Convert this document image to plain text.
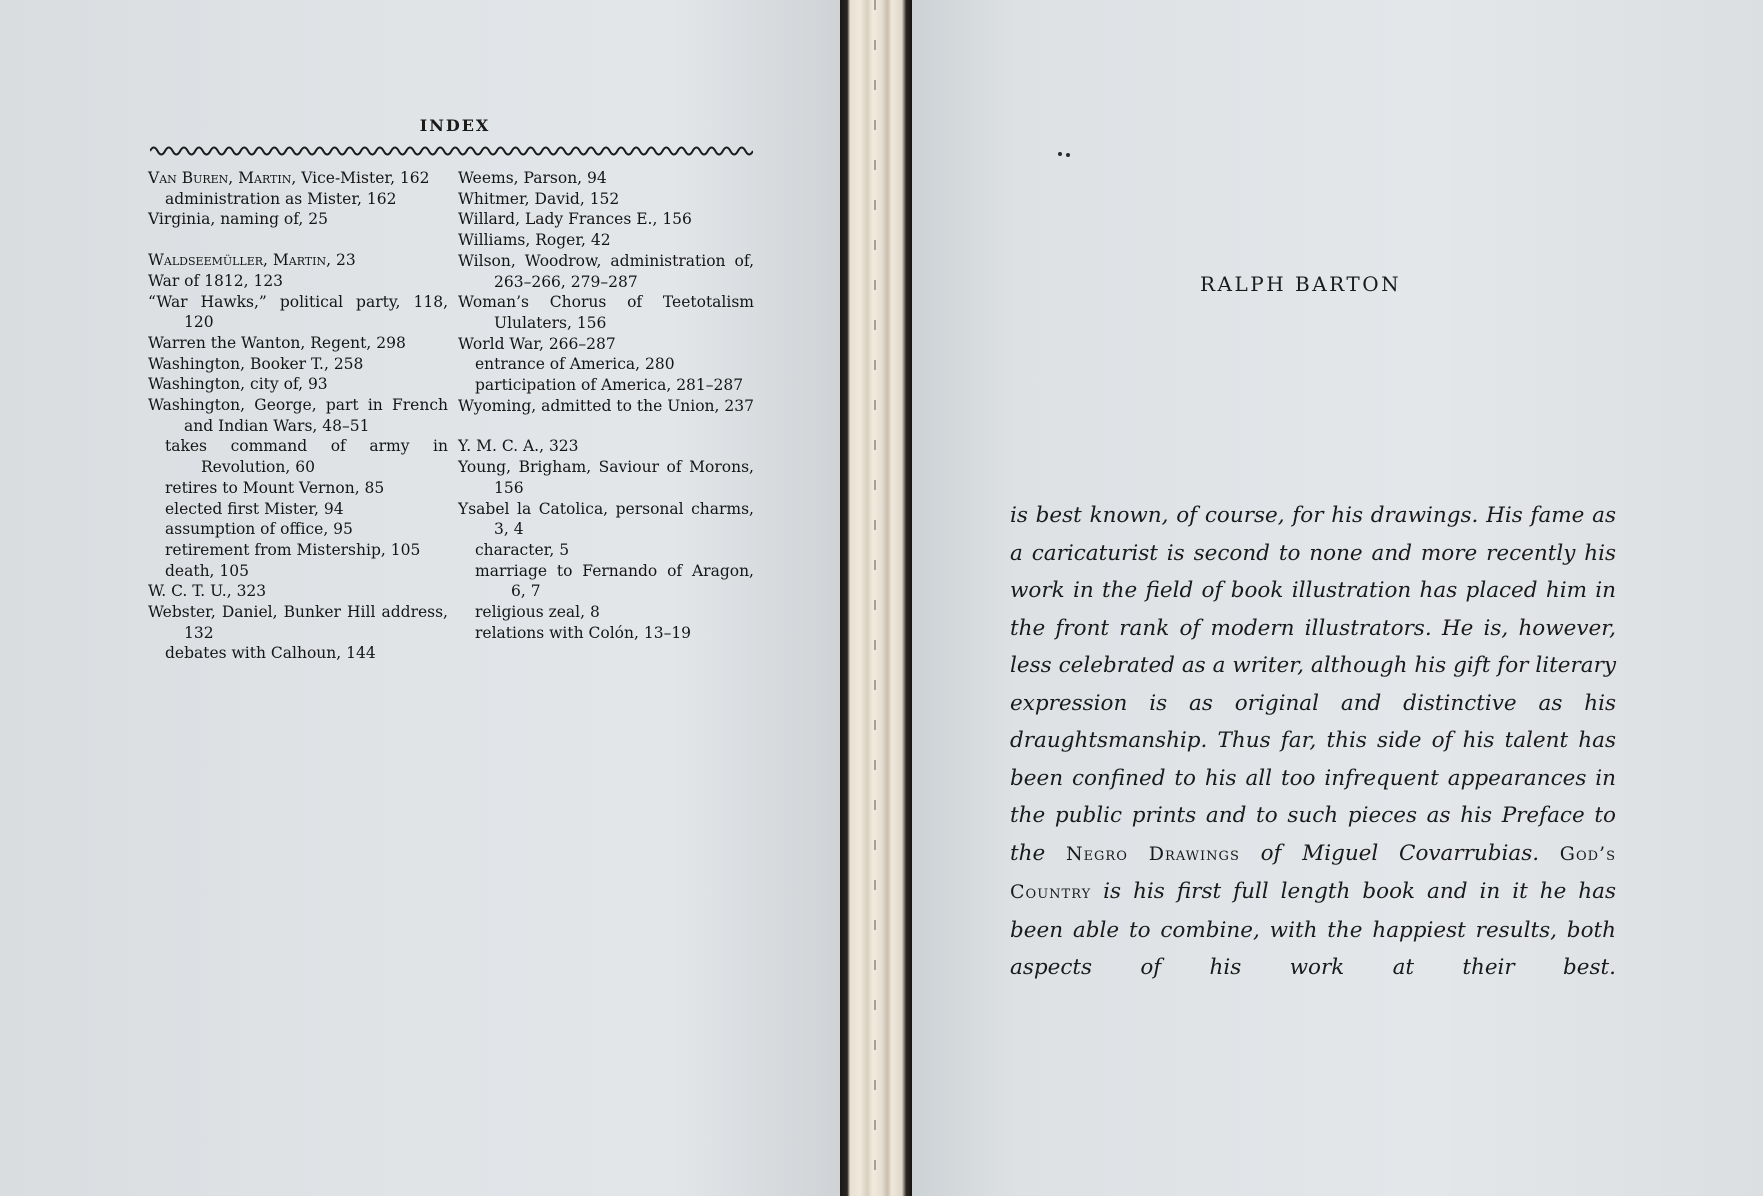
INDEX
Van Buren, Martin, Vice-Mister, 162
administration as Mister, 162
Virginia, naming of, 25
Waldseemüller, Martin, 23
War of 1812, 123
“War Hawks,” political party, 118, 120
Warren the Wanton, Regent, 298
Washington, Booker T., 258
Washington, city of, 93
Washington, George, part in French and Indian Wars, 48–51
takes command of army in Revolution, 60
retires to Mount Vernon, 85
elected first Mister, 94
assumption of office, 95
retirement from Mistership, 105
death, 105
W. C. T. U., 323
Webster, Daniel, Bunker Hill address, 132
debates with Calhoun, 144
Weems, Parson, 94
Whitmer, David, 152
Willard, Lady Frances E., 156
Williams, Roger, 42
Wilson, Woodrow, administration of, 263–266, 279–287
Woman’s Chorus of Teetotalism Ululaters, 156
World War, 266–287
entrance of America, 280
participation of America, 281–287
Wyoming, admitted to the Union, 237
Y. M. C. A., 323
Young, Brigham, Saviour of Morons, 156
Ysabel la Catolica, personal charms, 3, 4
character, 5
marriage to Fernando of Aragon, 6, 7
religious zeal, 8
relations with Colón, 13–19
RALPH BARTON
is best known, of course, for his drawings. His fame as a caricaturist is second to none and more recently his work in the field of book illustration has placed him in the front rank of modern illustrators. He is, however, less celebrated as a writer, although his gift for literary expression is as original and distinctive as his draughtsmanship. Thus far, this side of his talent has been confined to his all too infrequent appearances in the public prints and to such pieces as his Preface to the Negro Drawings of Miguel Covarrubias. God’s Country is his first full length book and in it he has been able to combine, with the happiest results, both aspects of his work at their best.
